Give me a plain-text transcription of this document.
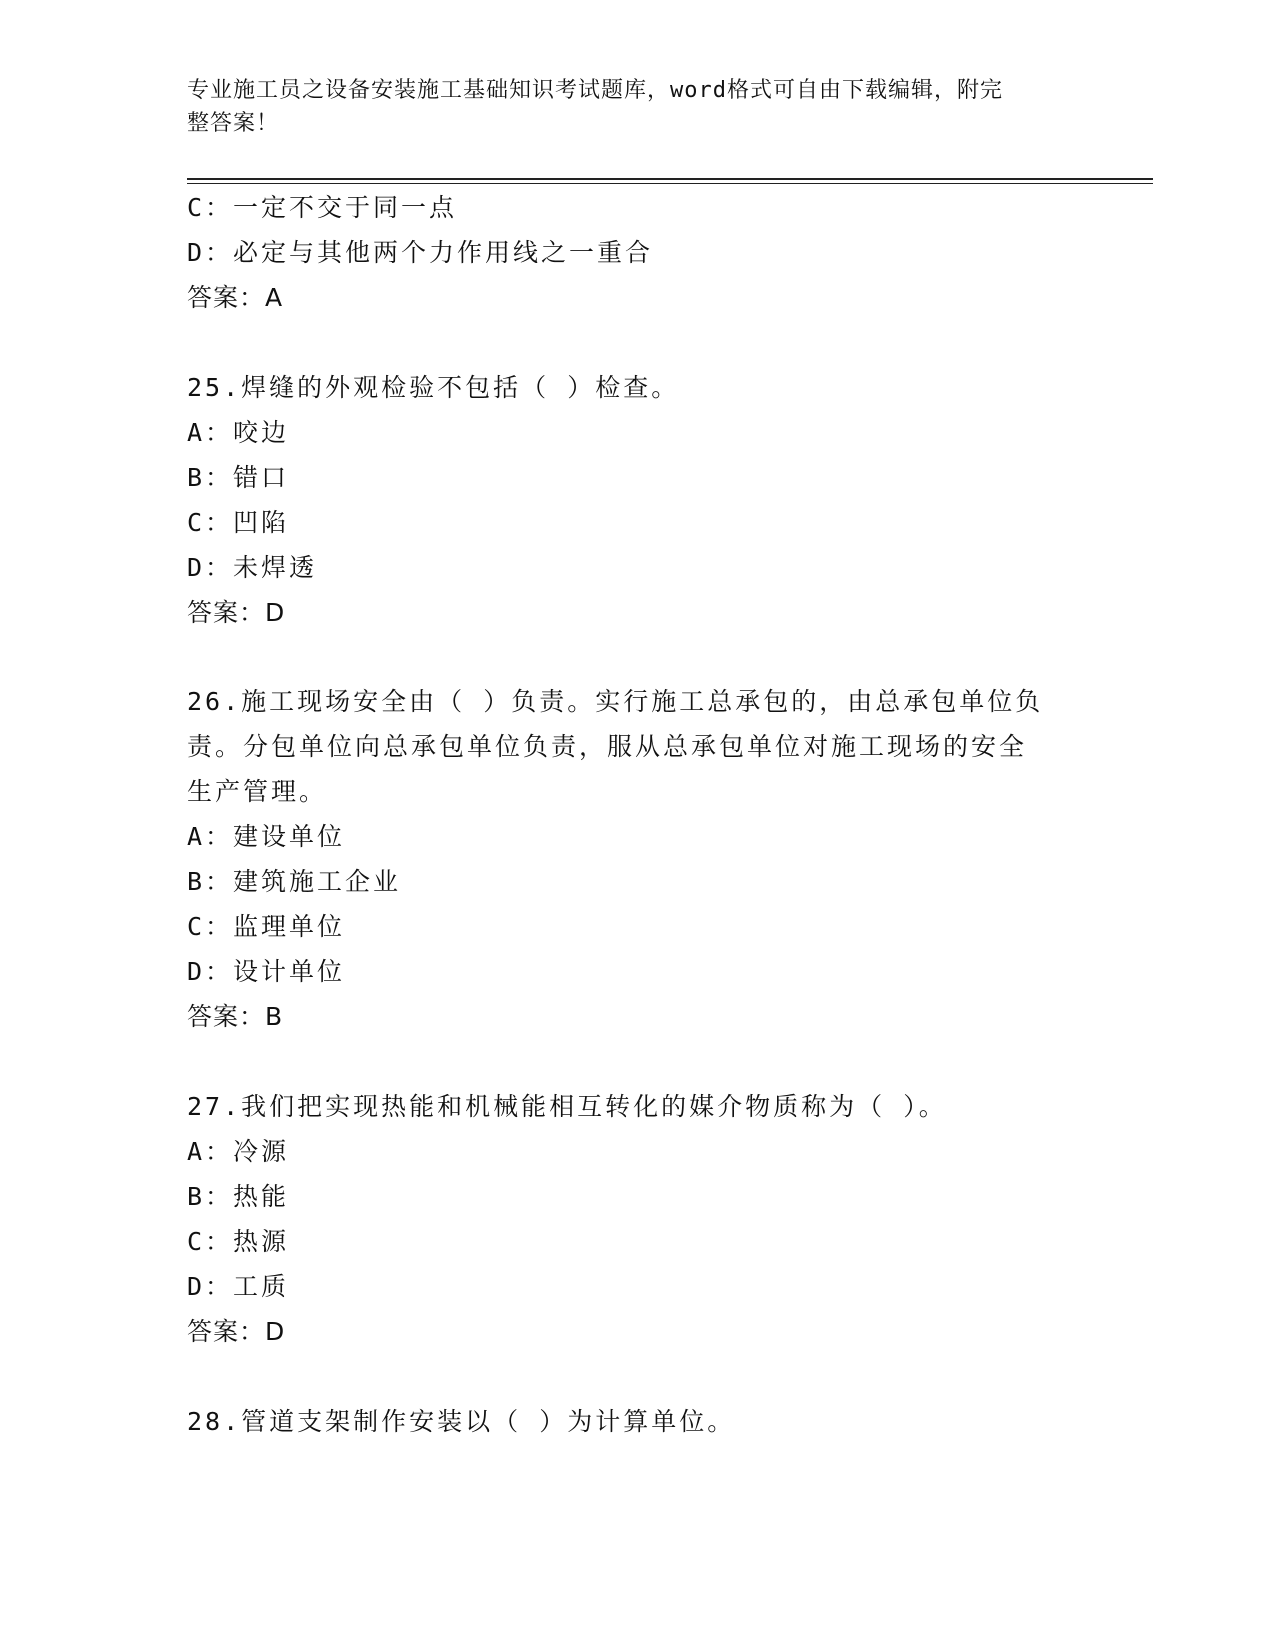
专业施工员之设备安装施工基础知识考试题库，word格式可自由下载编辑，附完
整答案！
C：一定不交于同一点
D：必定与其他两个力作用线之一重合
答案：A
25.焊缝的外观检验不包括（ ）检查。
A：咬边
B：错口
C：凹陷
D：未焊透
答案：D
26.施工现场安全由（ ）负责。实行施工总承包的，由总承包单位负
责。分包单位向总承包单位负责，服从总承包单位对施工现场的安全
生产管理。
A：建设单位
B：建筑施工企业
C：监理单位
D：设计单位
答案：B
27.我们把实现热能和机械能相互转化的媒介物质称为（ ）。
A：冷源
B：热能
C：热源
D：工质
答案：D
28.管道支架制作安装以（ ）为计算单位。
